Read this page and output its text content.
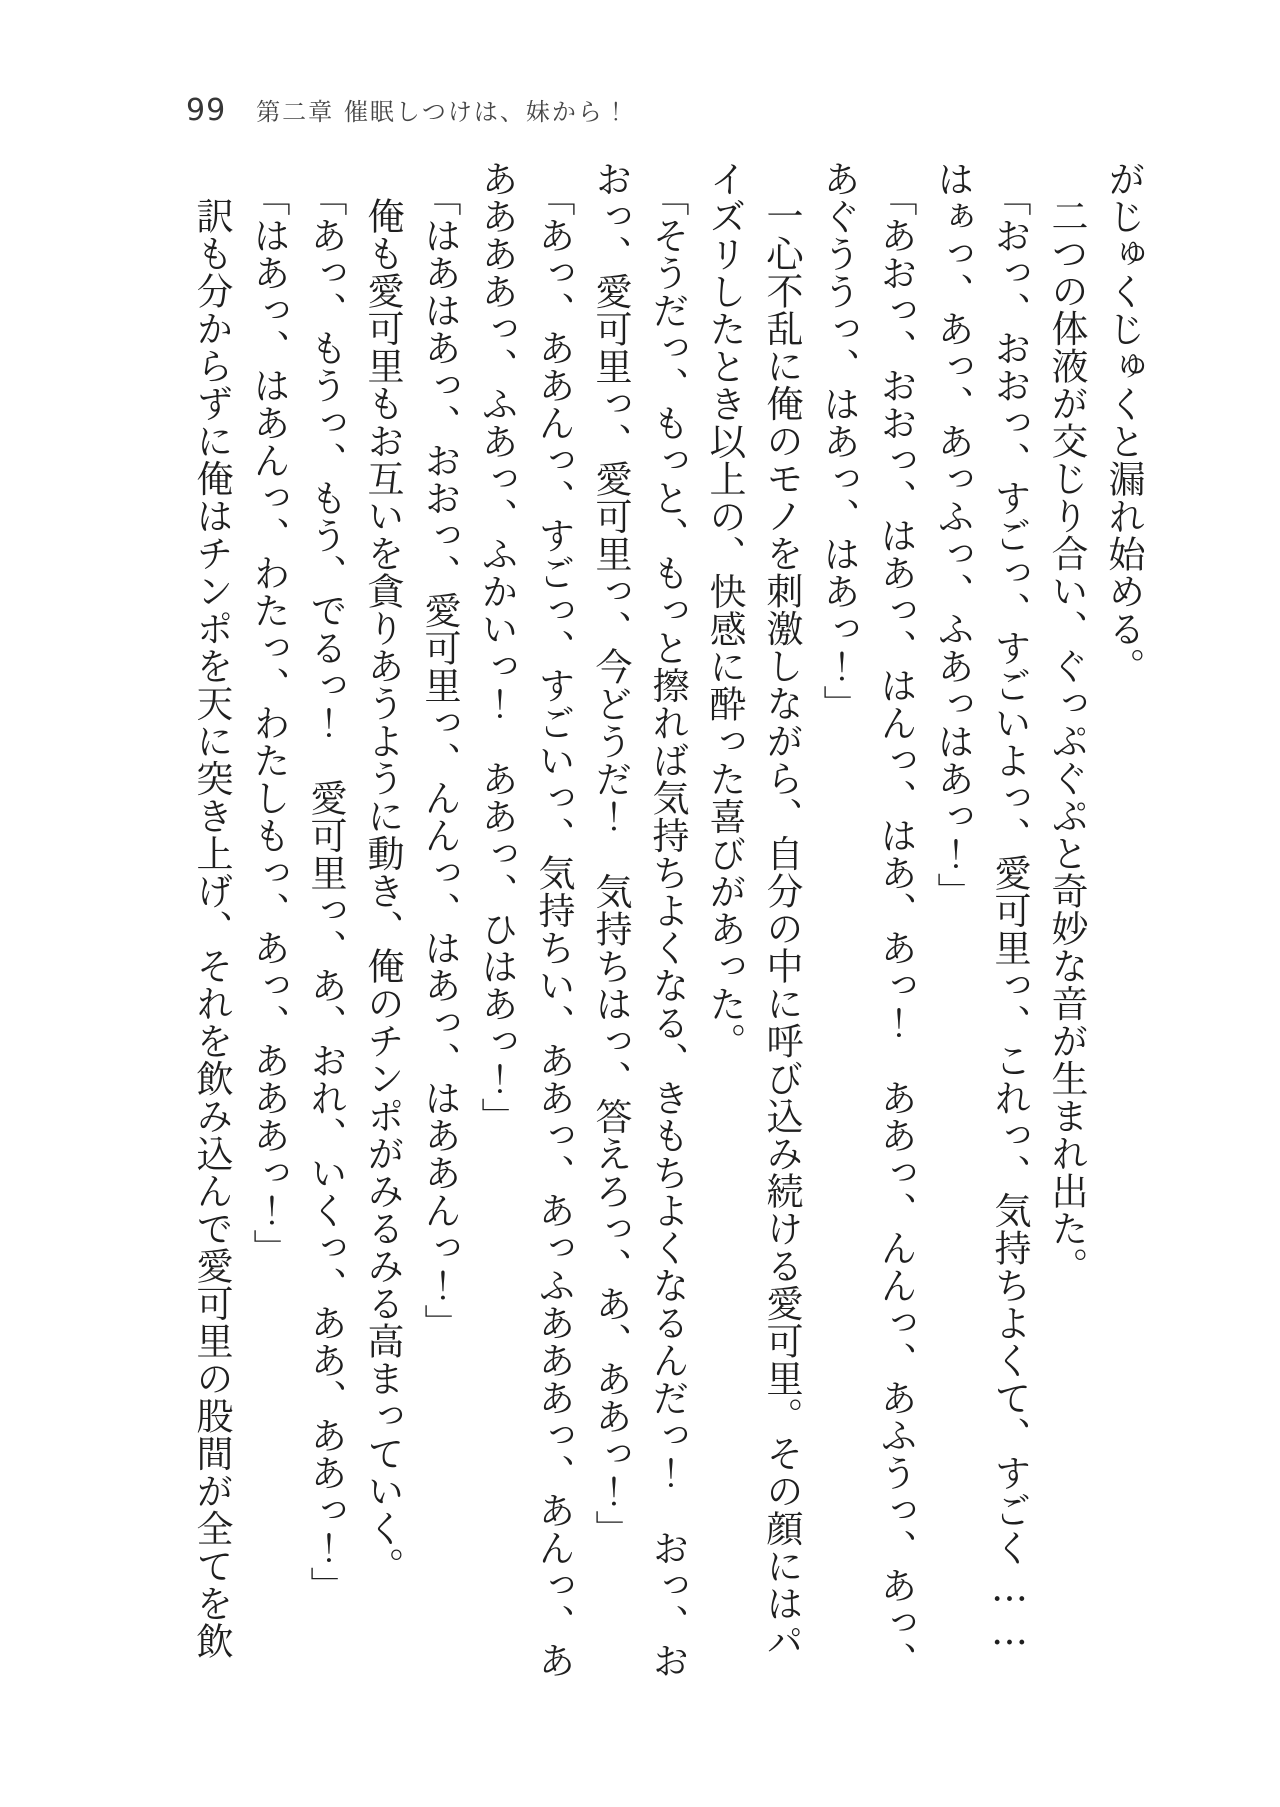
99 第二章 催眠しつけは、妹から！

がじゅくじゅくと漏れ始める。

二つの体液が交じり合い、ぐっぷぐぷと奇妙な音が生まれ出た。

「おっ、おおっ、すごっ、すごいよっ、愛可里っ、これっ、気持ちよくて、すごく……はぁっ、あっ、あっふっ、ふあっはあっ！」

「あおっ、おおっ、はあっ、はんっ、はあ、あっ！　ああっ、んんっ、あふうっ、あっ、あぐううっ、はあっ、はあっ！」

一心不乱に俺のモノを刺激しながら、自分の中に呼び込み続ける愛可里。その顔にはパイズリしたとき以上の、快感に酔った喜びがあった。

「そうだっ、もっと、もっと擦れば気持ちよくなる、きもちよくなるんだっ！　おっ、おおっ、愛可里っ、愛可里っ、今どうだ！　気持ちはっ、答えろっ、あ、ああっ！」

「あっ、ああんっ、すごっ、すごいっ、気持ちい、ああっ、あっふあああっ、あんっ、あああああっ、ふあっ、ふかいっ！　ああっ、ひはあっ！」

「はあはあっ、おおっ、愛可里っ、んんっ、はあっ、はああんっ！」

俺も愛可里もお互いを貪りあうように動き、俺のチンポがみるみる高まっていく。

「あっ、もうっ、もう、でるっ！　愛可里っ、あ、おれ、いくっ、ああ、ああっ！」

「はあっ、はあんっ、わたっ、わたしもっ、あっ、あああっ！」

訳も分からずに俺はチンポを天に突き上げ、それを飲み込んで愛可里の股間が全てを飲
